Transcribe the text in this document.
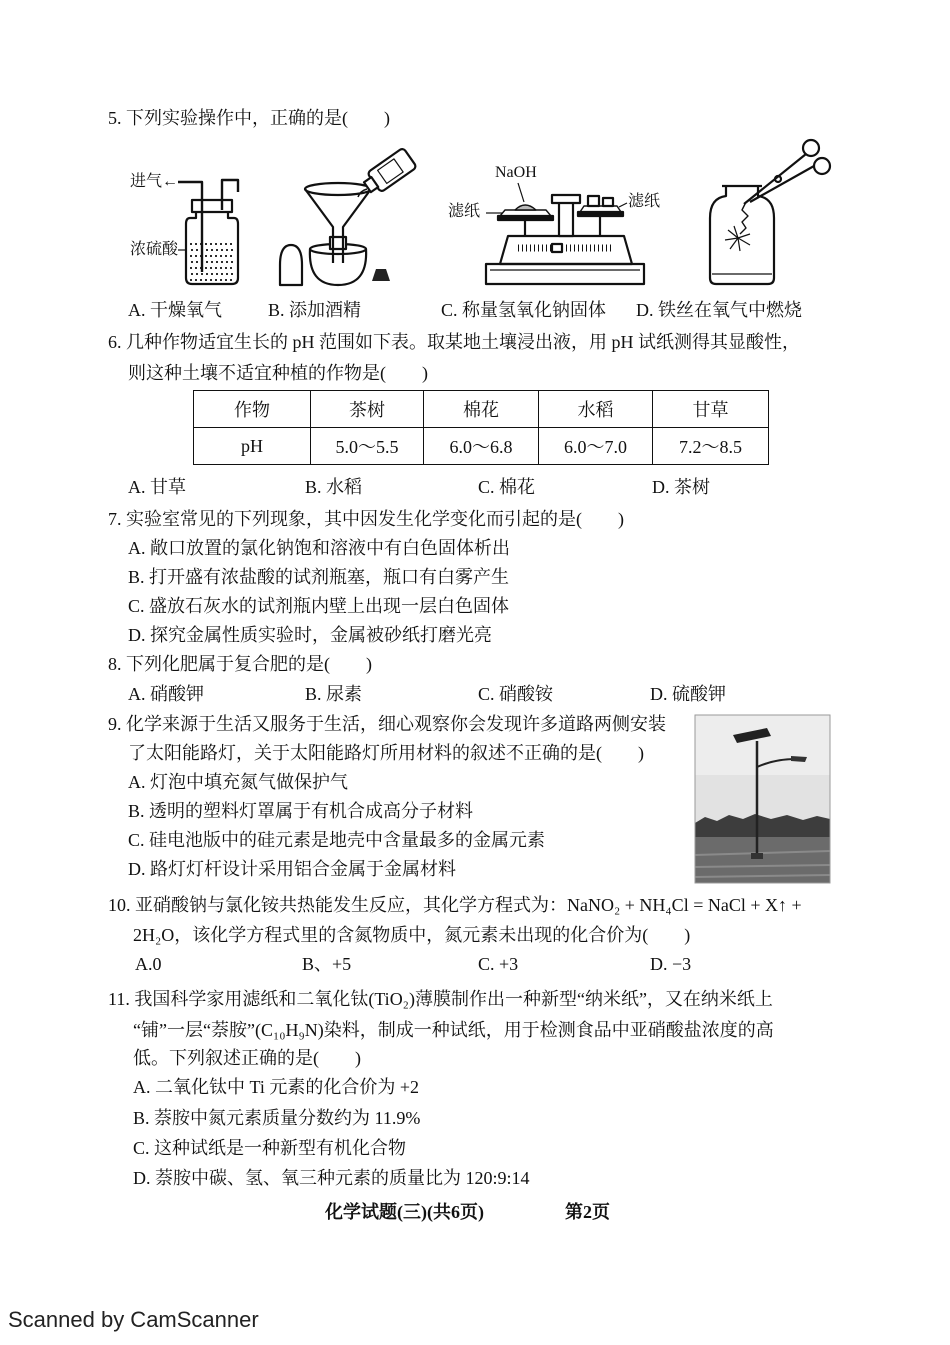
5. 下列实验操作中，正确的是(　　)
进气←
浓硫酸
NaOH
滤纸
滤纸
A. 干燥氧气	B. 添加酒精	C. 称量氢氧化钠固体 D. 铁丝在氧气中燃烧
6. 几种作物适宜生长的 pH 范围如下表。取某地土壤浸出液，用 pH 试纸测得其显酸性，
则这种土壤不适宜种植的作物是(　　)
作物	茶树	棉花	水稻	甘草
pH	5.0～5.5	6.0～6.8	6.0～7.0	7.2～8.5
A. 甘草	B. 水稻	C. 棉花	D. 茶树
7. 实验室常见的下列现象，其中因发生化学变化而引起的是(　　)
A. 敞口放置的氯化钠饱和溶液中有白色固体析出
B. 打开盛有浓盐酸的试剂瓶塞，瓶口有白雾产生
C. 盛放石灰水的试剂瓶内壁上出现一层白色固体
D. 探究金属性质实验时，金属被砂纸打磨光亮
8. 下列化肥属于复合肥的是(　　)
A. 硝酸钾	B. 尿素	C. 硝酸铵	D. 硫酸钾
9. 化学来源于生活又服务于生活，细心观察你会发现许多道路两侧安装
了太阳能路灯，关于太阳能路灯所用材料的叙述不正确的是(　　)
A. 灯泡中填充氮气做保护气
B. 透明的塑料灯罩属于有机合成高分子材料
C. 硅电池版中的硅元素是地壳中含量最多的金属元素
D. 路灯灯杆设计采用铝合金属于金属材料
10. 亚硝酸钠与氯化铵共热能发生反应，其化学方程式为：NaNO₂ + NH₄Cl = NaCl + X↑ +
2H₂O，该化学方程式里的含氮物质中，氮元素未出现的化合价为(　　)
A.0	B、+5	C. +3	D. −3
11. 我国科学家用滤纸和二氧化钛(TiO₂)薄膜制作出一种新型“纳米纸”，又在纳米纸上
“铺”一层“萘胺”(C₁₀H₉N)染料，制成一种试纸，用于检测食品中亚硝酸盐浓度的高
低。下列叙述正确的是(　　)
A. 二氧化钛中 Ti 元素的化合价为 +2
B. 萘胺中氮元素质量分数约为 11.9%
C. 这种试纸是一种新型有机化合物
D. 萘胺中碳、氢、氧三种元素的质量比为 120:9:14
化学试题(三)(共6页)	第2页
Scanned by CamScanner
